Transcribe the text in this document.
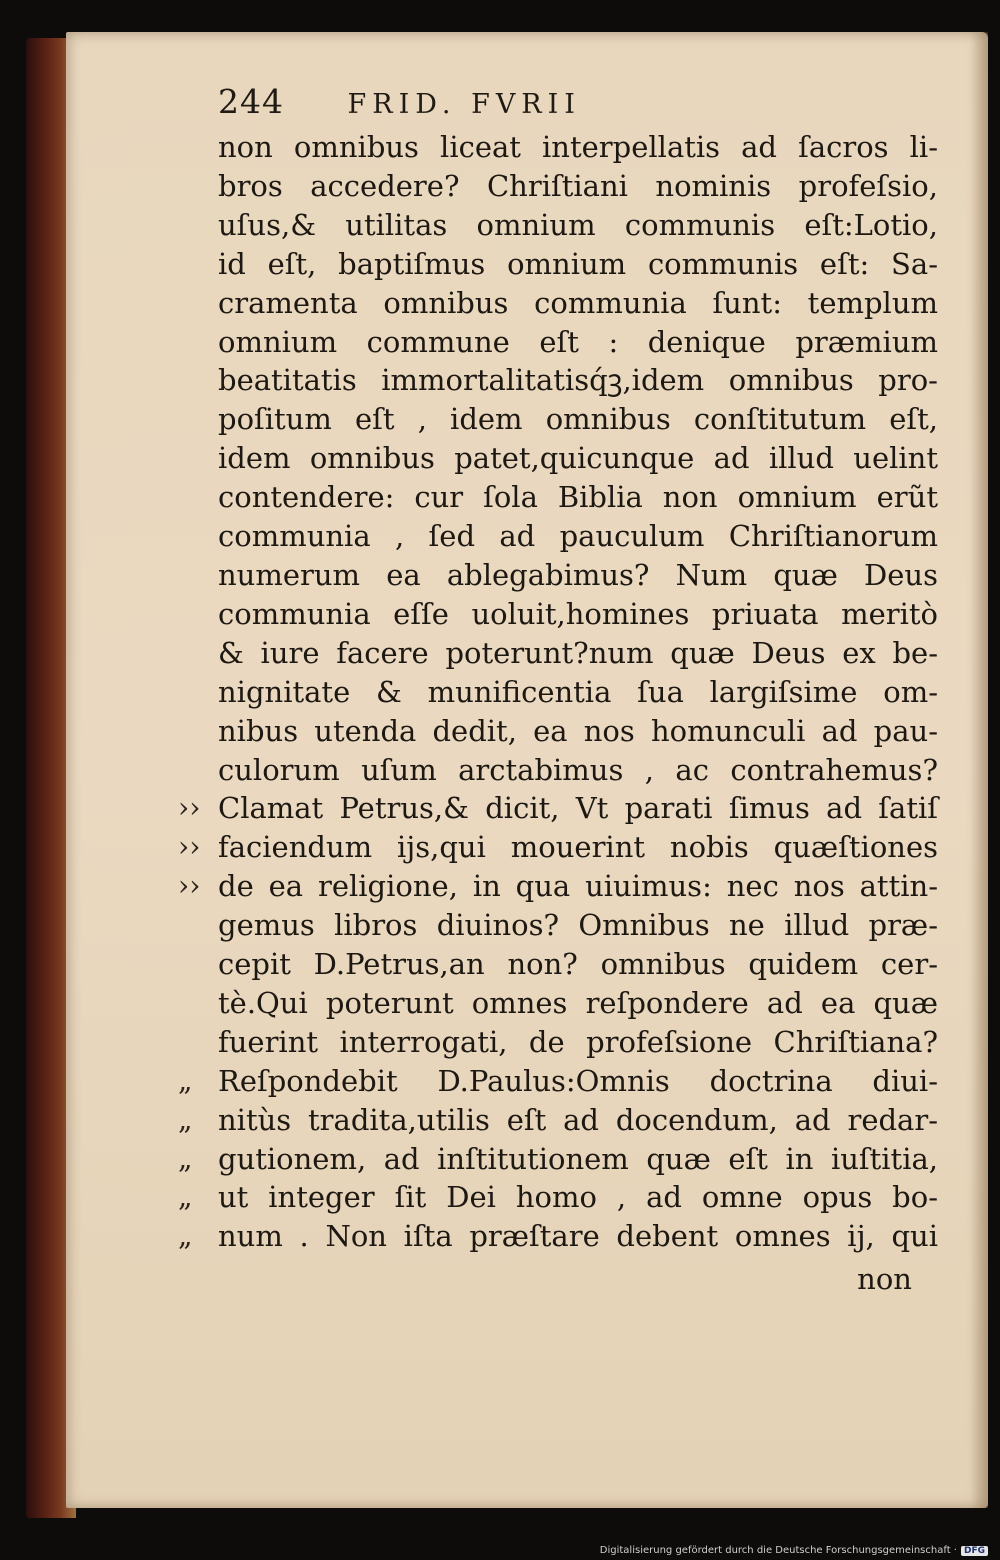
244 FRID. FVRII
non omnibus liceat interpellatis ad ſacros li-
bros accedere? Chriſtiani nominis profeſsio,
uſus,& utilitas omnium communis eſt:Lotio,
id eſt, baptiſmus omnium communis eſt: Sa-
cramenta omnibus communia ſunt: templum
omnium commune eſt : denique præmium
beatitatis immortalitatisq́ꝫ,idem omnibus pro-
poſitum eſt , idem omnibus conſtitutum eſt,
idem omnibus patet,quicunque ad illud uelint
contendere: cur ſola Biblia non omnium erũt
communia , ſed ad pauculum Chriſtianorum
numerum ea ablegabimus? Num quæ Deus
communia eſſe uoluit,homines priuata meritò
& iure facere poterunt?num quæ Deus ex be-
nignitate & munificentia ſua largiſsime om-
nibus utenda dedit, ea nos homunculi ad pau-
culorum uſum arctabimus , ac contrahemus?
›› Clamat Petrus,& dicit, Vt parati ſimus ad ſatiſ
›› faciendum ijs,qui mouerint nobis quæſtiones
›› de ea religione, in qua uiuimus: nec nos attin-
gemus libros diuinos? Omnibus ne illud præ-
cepit D.Petrus,an non? omnibus quidem cer-
tè.Qui poterunt omnes reſpondere ad ea quæ
fuerint interrogati, de profeſsione Chriſtiana?
„ Reſpondebit D.Paulus:Omnis doctrina diui-
„ nitùs tradita,utilis eſt ad docendum, ad redar-
„ gutionem, ad inſtitutionem quæ eſt in iuſtitia,
„ ut integer ſit Dei homo , ad omne opus bo-
„ num . Non iſta præſtare debent omnes ij, qui
non
Digitalisierung gefördert durch die Deutsche Forschungsgemeinschaft · DFG
